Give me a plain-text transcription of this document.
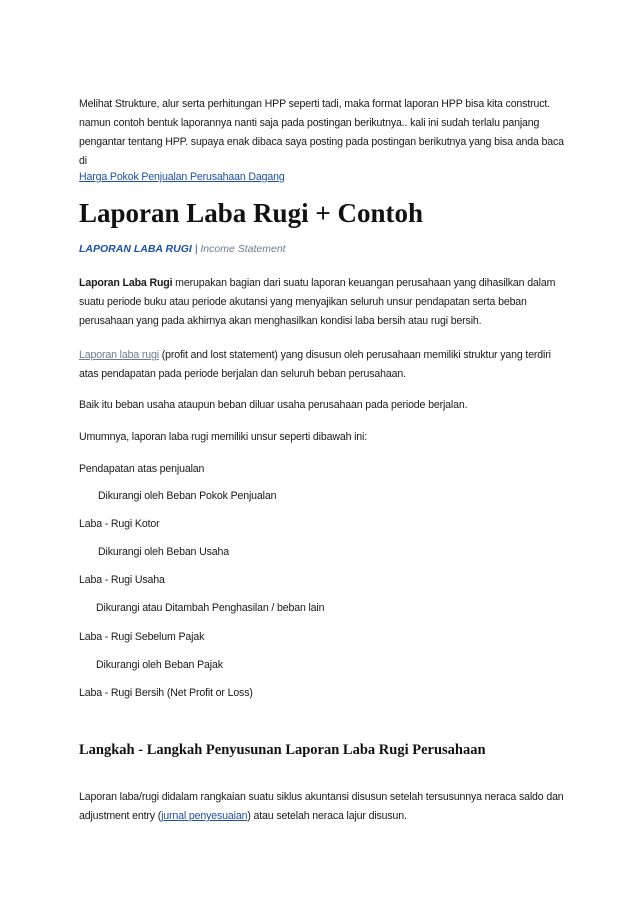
Melihat Strukture, alur serta perhitungan HPP seperti tadi, maka format laporan HPP bisa kita construct. namun contoh bentuk laporannya nanti saja pada postingan berikutnya.. kali ini sudah terlalu panjang pengantar tentang HPP. supaya enak dibaca saya posting pada postingan berikutnya yang bisa anda baca di

Harga Pokok Penjualan Perusahaan Dagang

Laporan Laba Rugi + Contoh

LAPORAN LABA RUGI | Income Statement

Laporan Laba Rugi merupakan bagian dari suatu laporan keuangan perusahaan yang dihasilkan dalam suatu periode buku atau periode akutansi yang menyajikan seluruh unsur pendapatan serta beban perusahaan yang pada akhirnya akan menghasilkan kondisi laba bersih atau rugi bersih.

Laporan laba rugi (profit and lost statement) yang disusun oleh perusahaan memiliki struktur yang terdiri atas pendapatan pada periode berjalan dan seluruh beban perusahaan.

Baik itu beban usaha ataupun beban diluar usaha perusahaan pada periode berjalan.

Umumnya, laporan laba rugi memiliki unsur seperti dibawah ini:

Pendapatan atas penjualan

Dikurangi oleh Beban Pokok Penjualan

Laba - Rugi Kotor

Dikurangi oleh Beban Usaha

Laba - Rugi Usaha

Dikurangi atau Ditambah Penghasilan / beban lain

Laba - Rugi Sebelum Pajak

Dikurangi oleh Beban Pajak

Laba - Rugi Bersih (Net Profit or Loss)

Langkah - Langkah Penyusunan Laporan Laba Rugi Perusahaan

Laporan laba/rugi didalam rangkaian suatu siklus akuntansi disusun setelah tersusunnya neraca saldo dan adjustment entry (jurnal penyesuaian) atau setelah neraca lajur disusun.
